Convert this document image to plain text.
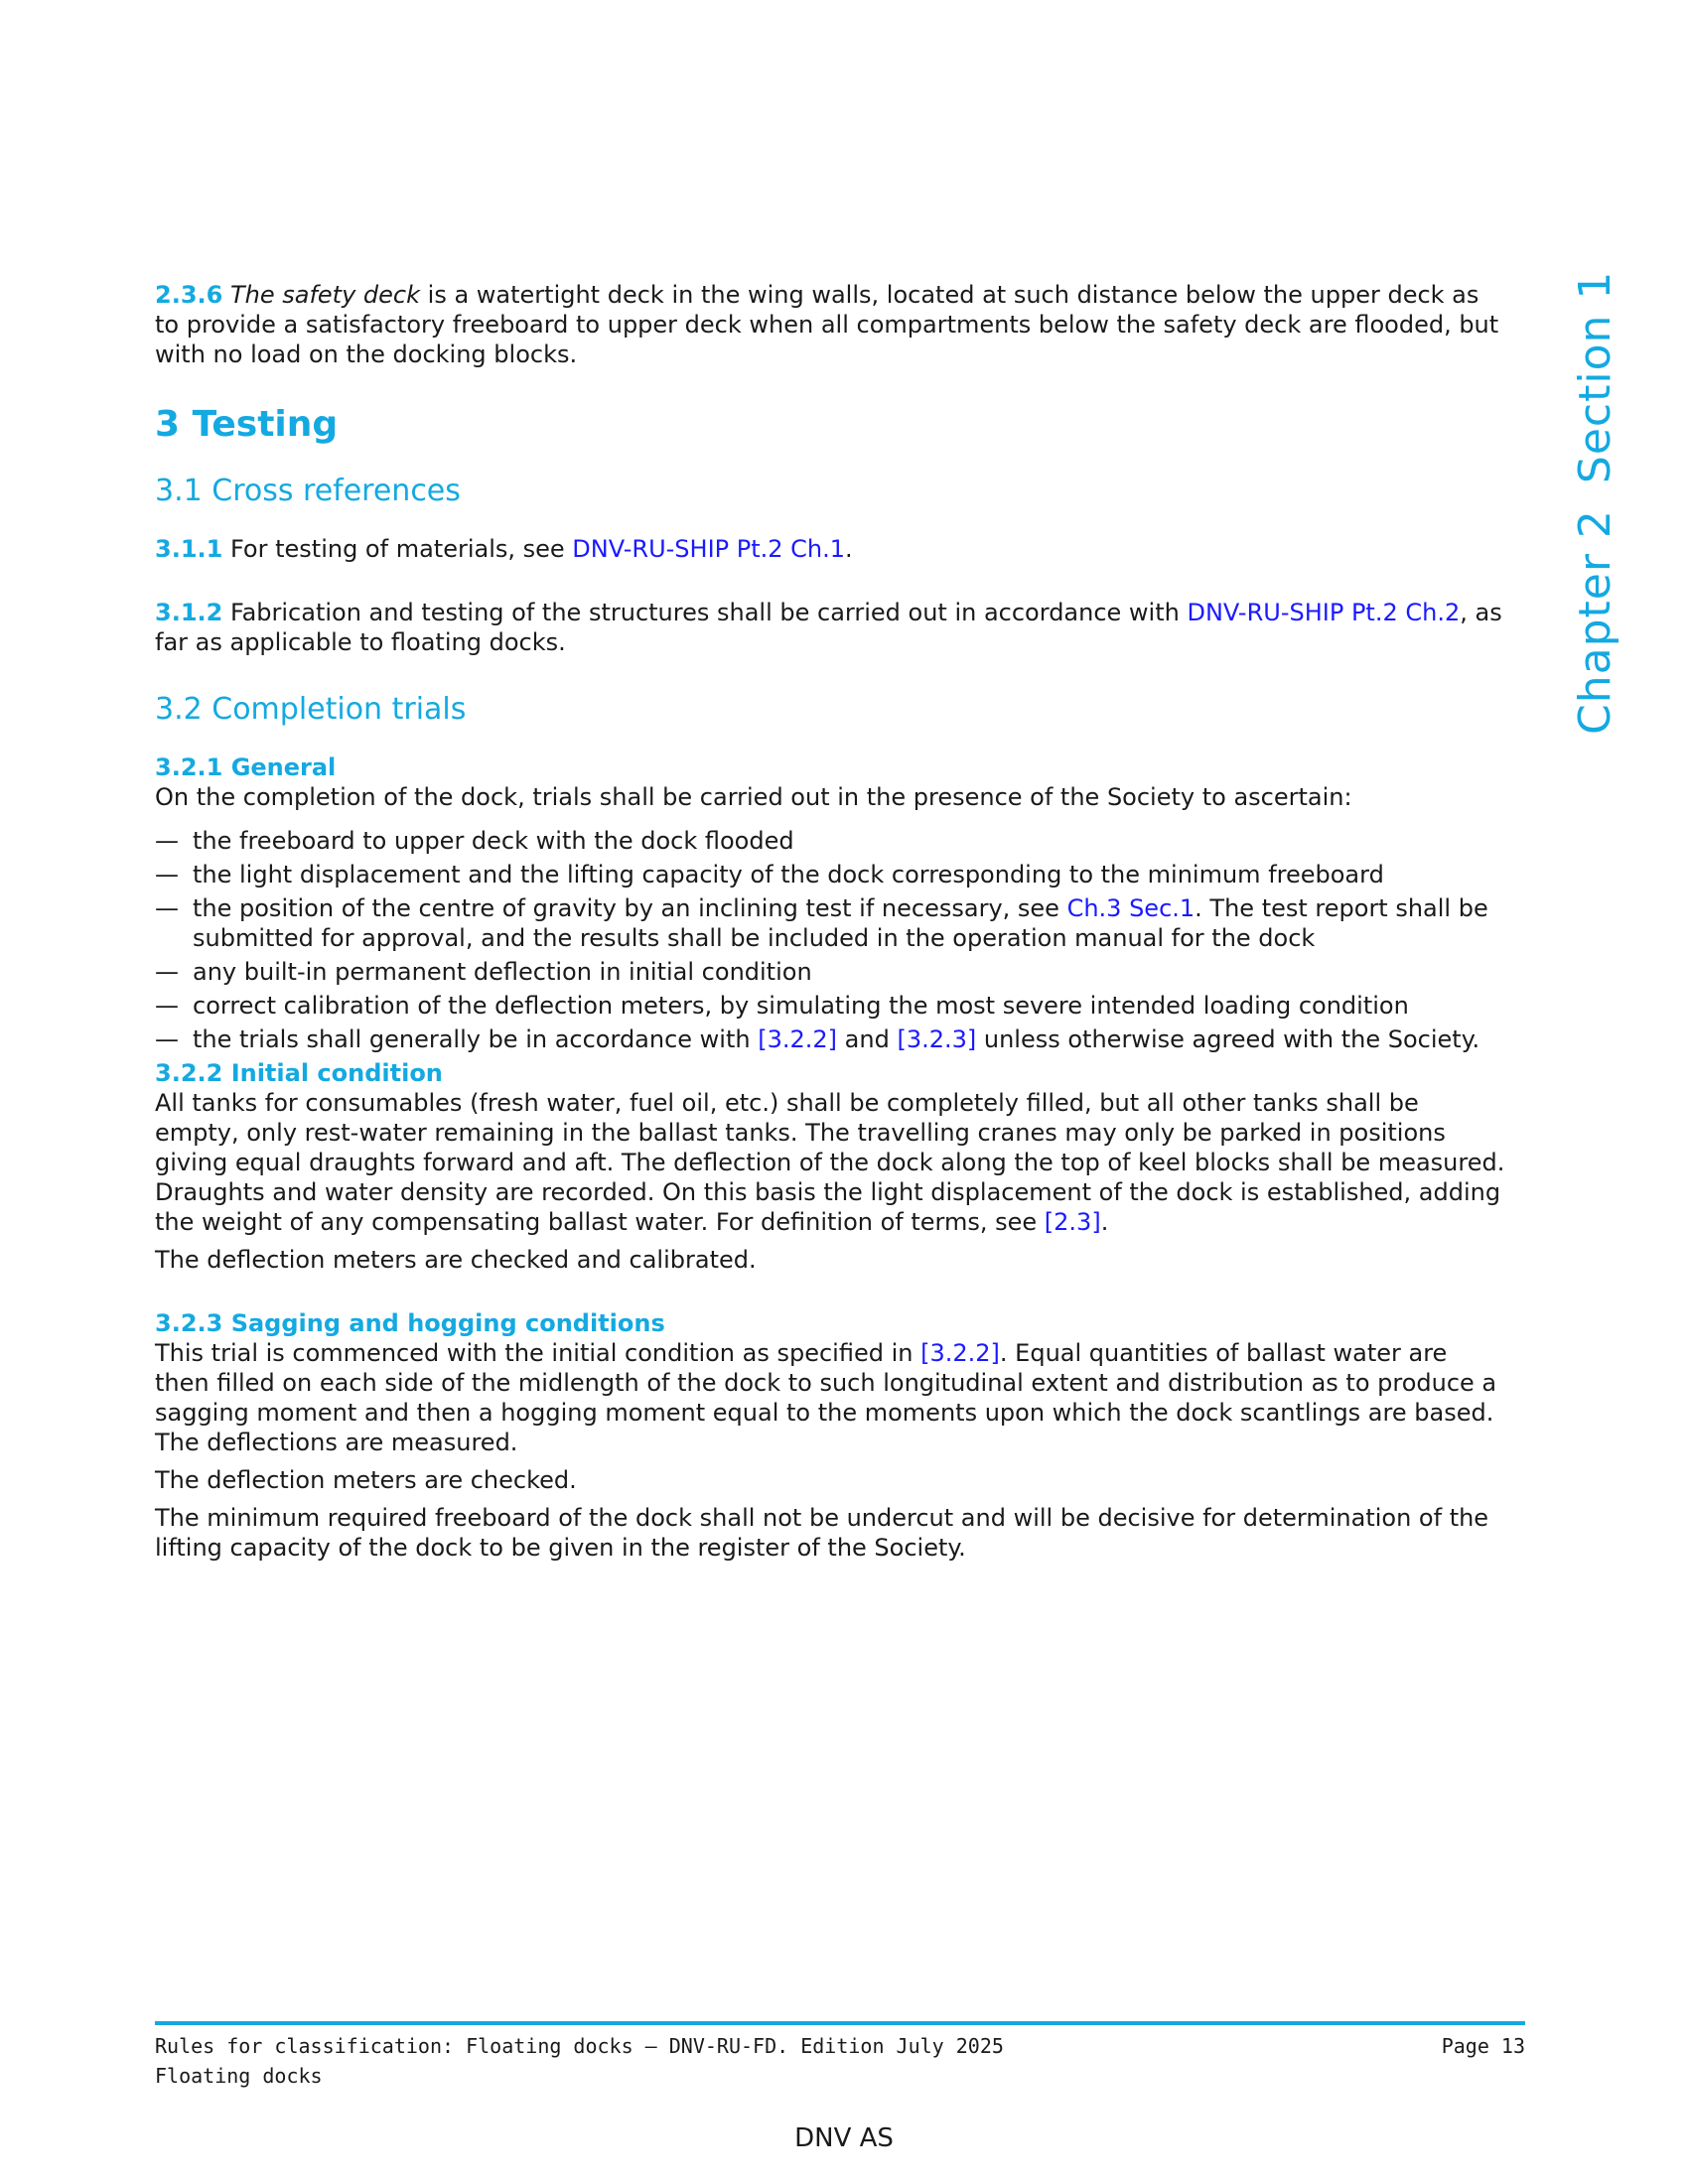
Chapter 2Section 1

2.3.6 The safety deck is a watertight deck in the wing walls, located at such distance below the upper deck as to provide a satisfactory freeboard to upper deck when all compartments below the safety deck are flooded, but with no load on the docking blocks.

3 Testing
3.1 Cross references

3.1.1 For testing of materials, see DNV-RU-SHIP Pt.2 Ch.1.

3.1.2 Fabrication and testing of the structures shall be carried out in accordance with DNV-RU-SHIP Pt.2 Ch.2, as far as applicable to floating docks.

3.2 Completion trials
3.2.1 General

On the completion of the dock, trials shall be carried out in the presence of the Society to ascertain:

— the freeboard to upper deck with the dock flooded
— the light displacement and the lifting capacity of the dock corresponding to the minimum freeboard
— the position of the centre of gravity by an inclining test if necessary, see Ch.3 Sec.1. The test report shall be submitted for approval, and the results shall be included in the operation manual for the dock
— any built-in permanent deflection in initial condition
— correct calibration of the deflection meters, by simulating the most severe intended loading condition
— the trials shall generally be in accordance with [3.2.2] and [3.2.3] unless otherwise agreed with the Society.
3.2.2 Initial condition

All tanks for consumables (fresh water, fuel oil, etc.) shall be completely filled, but all other tanks shall be empty, only rest-water remaining in the ballast tanks. The travelling cranes may only be parked in positions giving equal draughts forward and aft. The deflection of the dock along the top of keel blocks shall be measured. Draughts and water density are recorded. On this basis the light displacement of the dock is established, adding the weight of any compensating ballast water. For definition of terms, see [2.3].

The deflection meters are checked and calibrated.

3.2.3 Sagging and hogging conditions

This trial is commenced with the initial condition as specified in [3.2.2]. Equal quantities of ballast water are then filled on each side of the midlength of the dock to such longitudinal extent and distribution as to produce a sagging moment and then a hogging moment equal to the moments upon which the dock scantlings are based. The deflections are measured.

The deflection meters are checked.

The minimum required freeboard of the dock shall not be undercut and will be decisive for determination of the lifting capacity of the dock to be given in the register of the Society.

Rules for classification: Floating docks — DNV-RU-FD. Edition July 2025
Floating docks
Page 13
DNV AS
